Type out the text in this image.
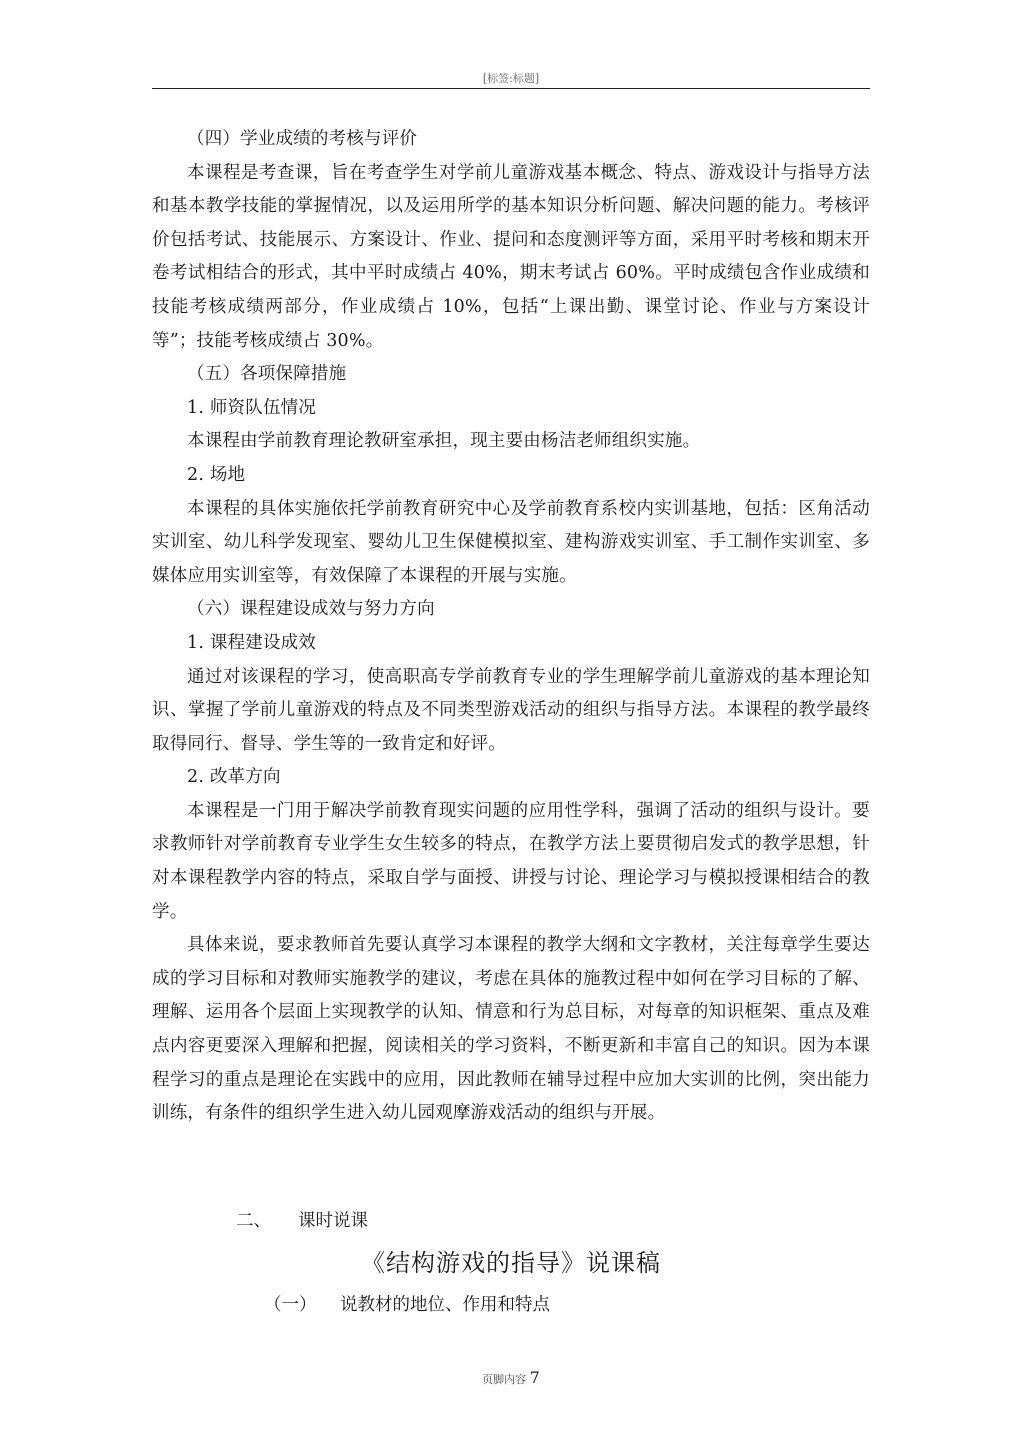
[标签:标题]

（四）学业成绩的考核与评价

本课程是考查课，旨在考查学生对学前儿童游戏基本概念、特点、游戏设计与指导方法和基本教学技能的掌握情况，以及运用所学的基本知识分析问题、解决问题的能力。考核评价包括考试、技能展示、方案设计、作业、提问和态度测评等方面，采用平时考核和期末开卷考试相结合的形式，其中平时成绩占 40%，期末考试占 60%。平时成绩包含作业成绩和技能考核成绩两部分，作业成绩占 10%，包括“上课出勤、课堂讨论、作业与方案设计等”；技能考核成绩占 30%。

（五）各项保障措施

1. 师资队伍情况

本课程由学前教育理论教研室承担，现主要由杨洁老师组织实施。

2. 场地

本课程的具体实施依托学前教育研究中心及学前教育系校内实训基地，包括：区角活动实训室、幼儿科学发现室、婴幼儿卫生保健模拟室、建构游戏实训室、手工制作实训室、多媒体应用实训室等，有效保障了本课程的开展与实施。

（六）课程建设成效与努力方向

1. 课程建设成效

通过对该课程的学习，使高职高专学前教育专业的学生理解学前儿童游戏的基本理论知识、掌握了学前儿童游戏的特点及不同类型游戏活动的组织与指导方法。本课程的教学最终取得同行、督导、学生等的一致肯定和好评。

2. 改革方向

本课程是一门用于解决学前教育现实问题的应用性学科，强调了活动的组织与设计。要求教师针对学前教育专业学生女生较多的特点，在教学方法上要贯彻启发式的教学思想，针对本课程教学内容的特点，采取自学与面授、讲授与讨论、理论学习与模拟授课相结合的教学。

具体来说，要求教师首先要认真学习本课程的教学大纲和文字教材，关注每章学生要达成的学习目标和对教师实施教学的建议，考虑在具体的施教过程中如何在学习目标的了解、理解、运用各个层面上实现教学的认知、情意和行为总目标，对每章的知识框架、重点及难点内容更要深入理解和把握，阅读相关的学习资料，不断更新和丰富自己的知识。因为本课程学习的重点是理论在实践中的应用，因此教师在辅导过程中应加大实训的比例，突出能力训练，有条件的组织学生进入幼儿园观摩游戏活动的组织与开展。

二、 课时说课
《结构游戏的指导》说课稿
（一） 说教材的地位、作用和特点
页脚内容 7
